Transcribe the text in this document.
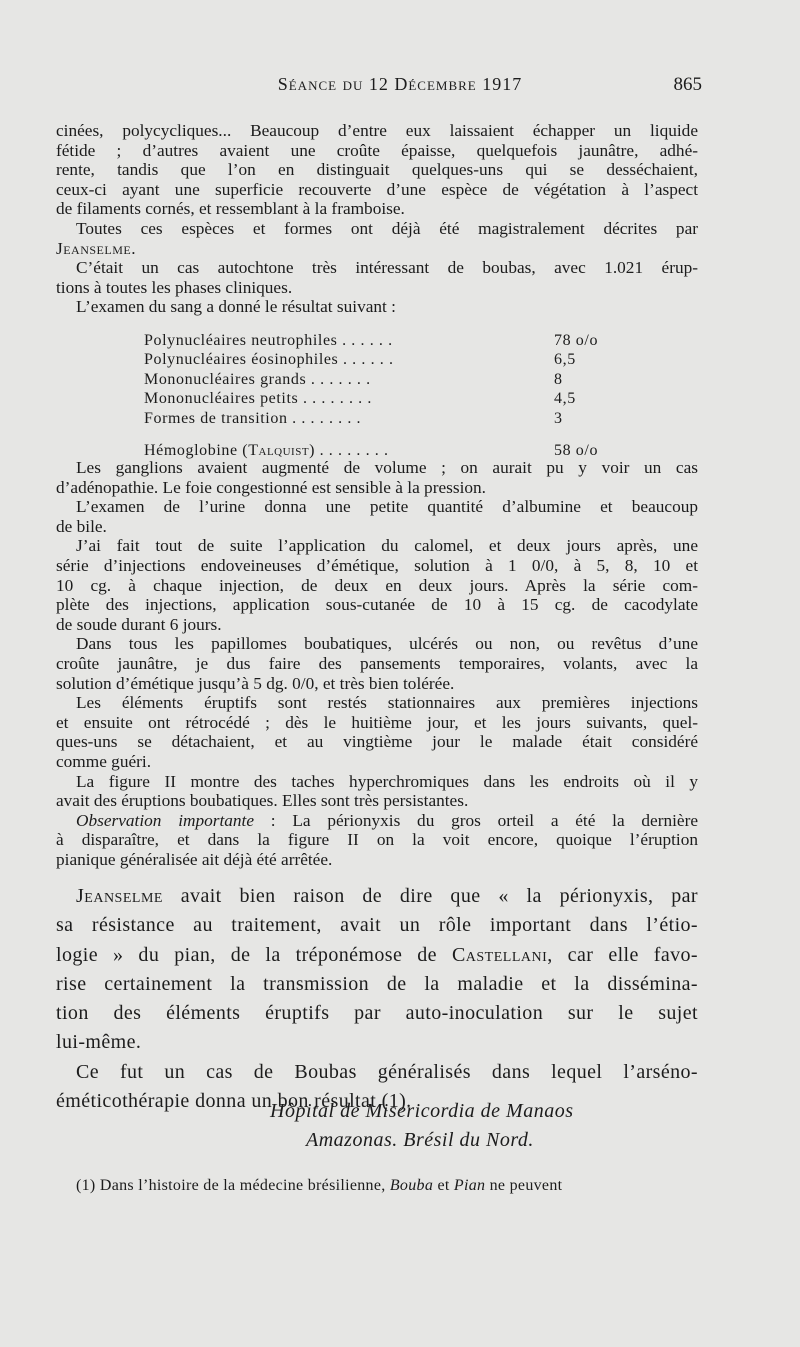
Séance du 12 Décembre 1917	865

cinées, polycycliques... Beaucoup d’entre eux laissaient échapper un liquide

fétide ; d’autres avaient une croûte épaisse, quelquefois jaunâtre, adhé-

rente, tandis que l’on en distinguait quelques-uns qui se desséchaient,

ceux-ci ayant une superficie recouverte d’une espèce de végétation à l’aspect

de filaments cornés, et ressemblant à la framboise.

Toutes ces espèces et formes ont déjà été magistralement décrites par

Jeanselme.

C’était un cas autochtone très intéressant de boubas, avec 1.021 érup-

tions à toutes les phases cliniques.

L’examen du sang a donné le résultat suivant :

Polynucléaires neutrophiles . . . . . .	78 o/o
Polynucléaires éosinophiles . . . . . .	6,5
Mononucléaires grands . . . . . . .	8
Mononucléaires petits . . . . . . . .	4,5
Formes de transition . . . . . . . .	3
Hémoglobine (Talquist) . . . . . . . .	58 o/o

Les ganglions avaient augmenté de volume ; on aurait pu y voir un cas

d’adénopathie. Le foie congestionné est sensible à la pression.

L’examen de l’urine donna une petite quantité d’albumine et beaucoup

de bile.

J’ai fait tout de suite l’application du calomel, et deux jours après, une

série d’injections endoveineuses d’émétique, solution à 1 0/0, à 5, 8, 10 et

10 cg. à chaque injection, de deux en deux jours. Après la série com-

plète des injections, application sous-cutanée de 10 à 15 cg. de cacodylate

de soude durant 6 jours.

Dans tous les papillomes boubatiques, ulcérés ou non, ou revêtus d’une

croûte jaunâtre, je dus faire des pansements temporaires, volants, avec la

solution d’émétique jusqu’à 5 dg. 0/0, et très bien tolérée.

Les éléments éruptifs sont restés stationnaires aux premières injections

et ensuite ont rétrocédé ; dès le huitième jour, et les jours suivants, quel-

ques-uns se détachaient, et au vingtième jour le malade était considéré

comme guéri.

La figure II montre des taches hyperchromiques dans les endroits où il y

avait des éruptions boubatiques. Elles sont très persistantes.

Observation importante : La périonyxis du gros orteil a été la dernière

à disparaître, et dans la figure II on la voit encore, quoique l’éruption

pianique généralisée ait déjà été arrêtée.

Jeanselme avait bien raison de dire que « la périonyxis, par

sa résistance au traitement, avait un rôle important dans l’étio-

logie » du pian, de la tréponémose de Castellani, car elle favo-

rise certainement la transmission de la maladie et la dissémina-

tion des éléments éruptifs par auto-inoculation sur le sujet

lui-même.

Ce fut un cas de Boubas généralisés dans lequel l’arséno-

éméticothérapie donna un bon résultat (1).

Hôpital de Misericordia de Manaos
Amazonas. Brésil du Nord.
(1) Dans l’histoire de la médecine brésilienne, Bouba et Pian ne peuvent
